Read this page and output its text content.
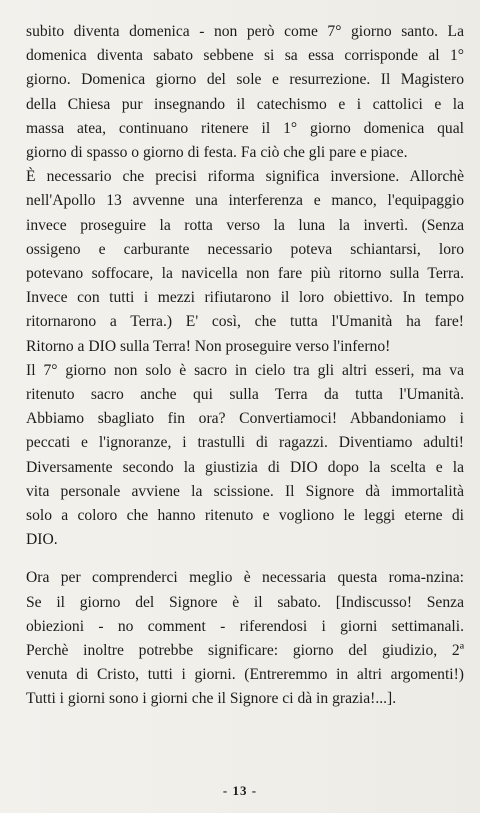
subito diventa domenica - non però come 7° giorno santo. La
domenica diventa sabato sebbene si sa essa corrisponde al 1°
giorno. Domenica giorno del sole e resurrezione. Il Magistero
della Chiesa pur insegnando il catechismo e i cattolici e la
massa atea, continuano ritenere il 1° giorno domenica qual
giorno di spasso o giorno di festa. Fa ciò che gli pare e piace.
È necessario che precisi riforma significa inversione. Allorchè
nell'Apollo 13 avvenne una interferenza e manco, l'equipaggio
invece proseguire la rotta verso la luna la invertì. (Senza
ossigeno e carburante necessario poteva schiantarsi, loro
potevano soffocare, la navicella non fare più ritorno sulla Terra.
Invece con tutti i mezzi rifiutarono il loro obiettivo. In tempo
ritornarono a Terra.) E' così, che tutta l'Umanità ha fare!
Ritorno a DIO sulla Terra! Non proseguire verso l'inferno!
Il 7° giorno non solo è sacro in cielo tra gli altri esseri, ma va
ritenuto sacro anche qui sulla Terra da tutta l'Umanità.
Abbiamo sbagliato fin ora? Convertiamoci! Abbandoniamo i
peccati e l'ignoranze, i trastulli di ragazzi. Diventiamo adulti!
Diversamente secondo la giustizia di DIO dopo la scelta e la
vita personale avviene la scissione. Il Signore dà immortalità
solo a coloro che hanno ritenuto e vogliono le leggi eterne di
DIO.
Ora per comprenderci meglio è necessaria questa roma-nzina:
Se il giorno del Signore è il sabato. [Indiscusso! Senza
obiezioni - no comment - riferendosi i giorni settimanali.
Perchè inoltre potrebbe significare: giorno del giudizio, 2ª
venuta di Cristo, tutti i giorni. (Entreremmo in altri argomenti!)
Tutti i giorni sono i giorni che il Signore ci dà in grazia!...].
- 13 -
